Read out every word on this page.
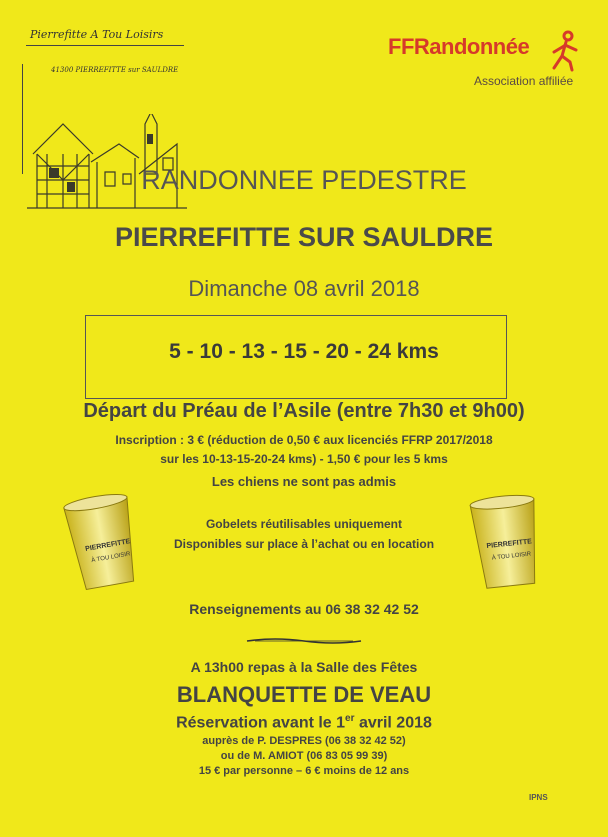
Pierrefitte A Tou Loisirs
41300 PIERREFITTE sur SAULDRE
FFRandonnée
Association affiliée
RANDONNEE PEDESTRE
PIERREFITTE SUR SAULDRE
Dimanche 08 avril 2018
5 - 10 - 13 - 15 - 20 - 24 kms
Départ du Préau de l’Asile (entre 7h30 et 9h00)
Inscription : 3 € (réduction de 0,50 € aux licenciés FFRP 2017/2018
sur les 10-13-15-20-24 kms) - 1,50 € pour les 5 kms
Les chiens ne sont pas admis
PIERREFITTE
À TOU LOISIR
PIERREFITTE
À TOU LOISIR
Gobelets réutilisables uniquement
Disponibles sur place à l’achat ou en location
Renseignements au 06 38 32 42 52
A 13h00 repas à la Salle des Fêtes
BLANQUETTE DE VEAU
Réservation avant le 1er avril 2018
auprès de P. DESPRES (06 38 32 42 52)
ou de M. AMIOT (06 83 05 99 39)
15 € par personne – 6 € moins de 12 ans
IPNS
